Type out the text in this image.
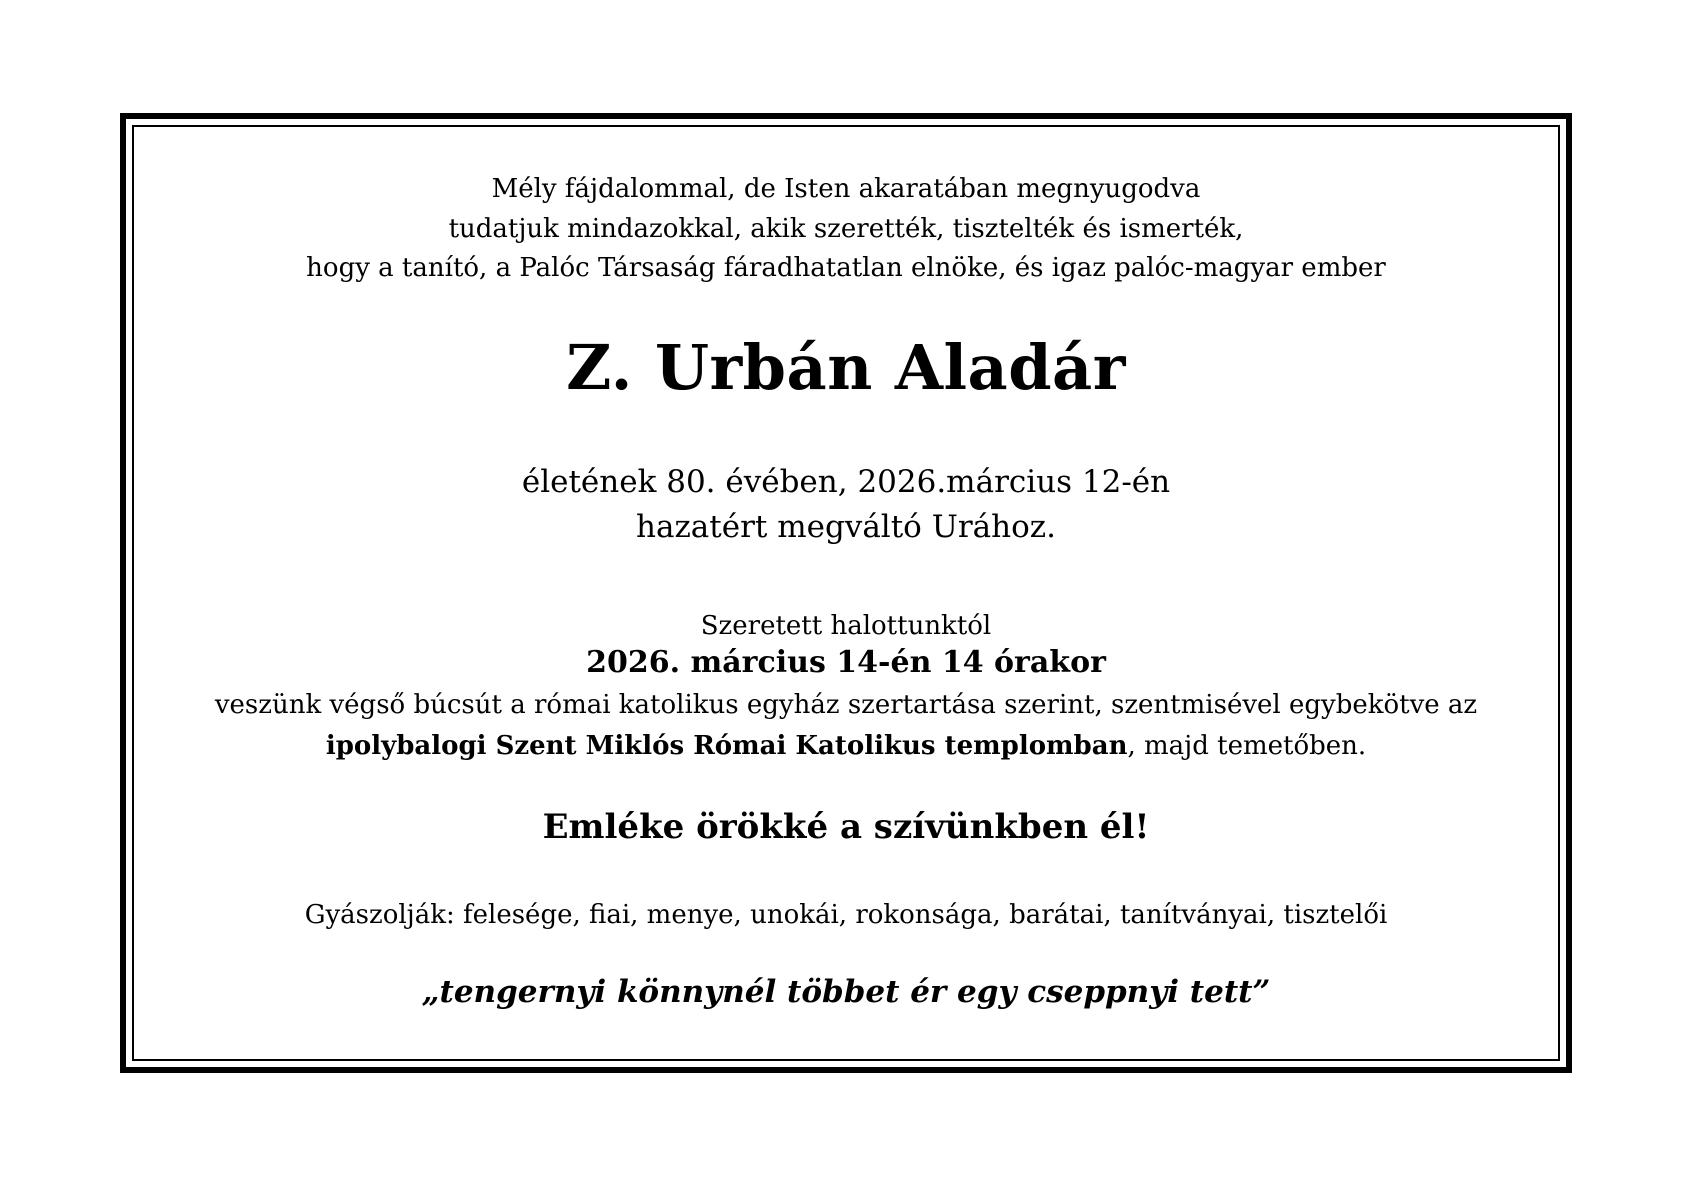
Mély fájdalommal, de Isten akaratában megnyugodva
tudatjuk mindazokkal, akik szerették, tisztelték és ismerték,
hogy a tanító, a Palóc Társaság fáradhatatlan elnöke, és igaz palóc-magyar ember
Z. Urbán Aladár
életének 80. évében, 2026.március 12-én
hazatért megváltó Urához.
Szeretett halottunktól
2026. március 14-én 14 órakor
veszünk végső búcsút a római katolikus egyház szertartása szerint, szentmisével egybekötve az
ipolybalogi Szent Miklós Római Katolikus templomban, majd temetőben.
Emléke örökké a szívünkben él!
Gyászolják: felesége, fiai, menye, unokái, rokonsága, barátai, tanítványai, tisztelői
„tengernyi könnynél többet ér egy cseppnyi tett”
